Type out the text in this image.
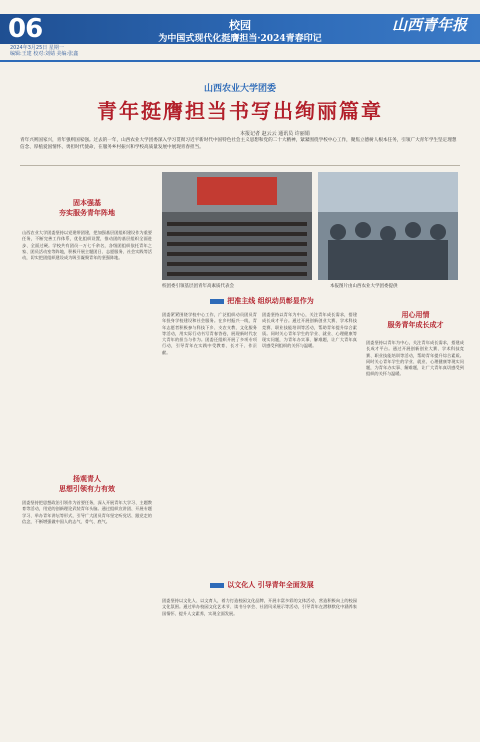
06	校园
为中国式现代化挺膺担当·2024青春印记
山西青年报
2024年3月25日 星期一
编辑:王建 校对:刘婧 美编:张鑫
山西农业大学团委
青年挺膺担当书写出绚丽篇章
本报记者 赵云云 通讯员 许丽娟
青年兴则国家兴，青年强则国家强。过去的一年，山西农业大学团委深入学习贯彻习近平新时代中国特色社会主义思想和党的二十大精神，紧紧围绕学校中心工作，聚焦立德树人根本任务，引领广大青年学生坚定理想信念、厚植爱国情怀、勇担时代使命，在服务乡村振兴和学校高质量发展中展现青春担当。
固本强基
夯实服务青年阵地
山西农业大学团委坚持以党建带团建，把加强基层团组织建设作为重要任务，不断完善工作体系，优化组织设置，推动团的基层组织全面进步、全面过硬。学校共有团员一万七千余名，各级团组织依托青年之家、团员活动室等阵地，积极开展主题团日、志愿服务、社会实践等活动，切实把团组织建设成为吸引凝聚青年的坚强阵地。
扬观青人
思想引领有力有效
团委坚持把思想政治引领作为首要任务，深入开展青年大学习、主题教育等活动，用党的创新理论武装青年头脑。通过组织宣讲团、开展专题学习、举办青年讲坛等形式，引导广大团员青年坚定听党话、跟党走的信念，不断增强做中国人的志气、骨气、底气。
校团委引领基层团青年高素质代表会	本报图片由山西农业大学团委提供
把准主线 组织动员彰显作为
团委紧紧围绕学校中心工作，广泛组织动员团员青年投身学校建设和社会服务。在乡村振兴一线，青年志愿者积极参与科技下乡、支农支教、文化服务等活动，用实际行动书写青春答卷，展现新时代农大青年的担当与作为。团委还组织开展了多项专项行动，引导青年在实践中受教育、长才干、作贡献。
团委坚持以青年为中心，关注青年成长需求，搭建成长成才平台。通过开展创新创业大赛、学术科技竞赛、职业技能培训等活动，帮助青年提升综合素质。同时关心青年学生的学业、就业、心理健康等现实问题，为青年办实事、解难题，让广大青年真切感受到组织的关怀与温暖。
以文化人 引导青年全面发展
团委坚持以文化人、以文育人，着力打造校园文化品牌，开展丰富多彩的文体活动，营造积极向上的校园文化氛围。通过举办校园文化艺术节、读书分享会、社团风采展示等活动，引导青年在潜移默化中涵养家国情怀、提升人文素养，实现全面发展。
用心用情
服务青年成长成才
团委坚持以青年为中心，关注青年成长需求，搭建成长成才平台。通过开展创新创业大赛、学术科技竞赛、职业技能培训等活动，帮助青年提升综合素质。同时关心青年学生的学业、就业、心理健康等现实问题，为青年办实事、解难题，让广大青年真切感受到组织的关怀与温暖。
